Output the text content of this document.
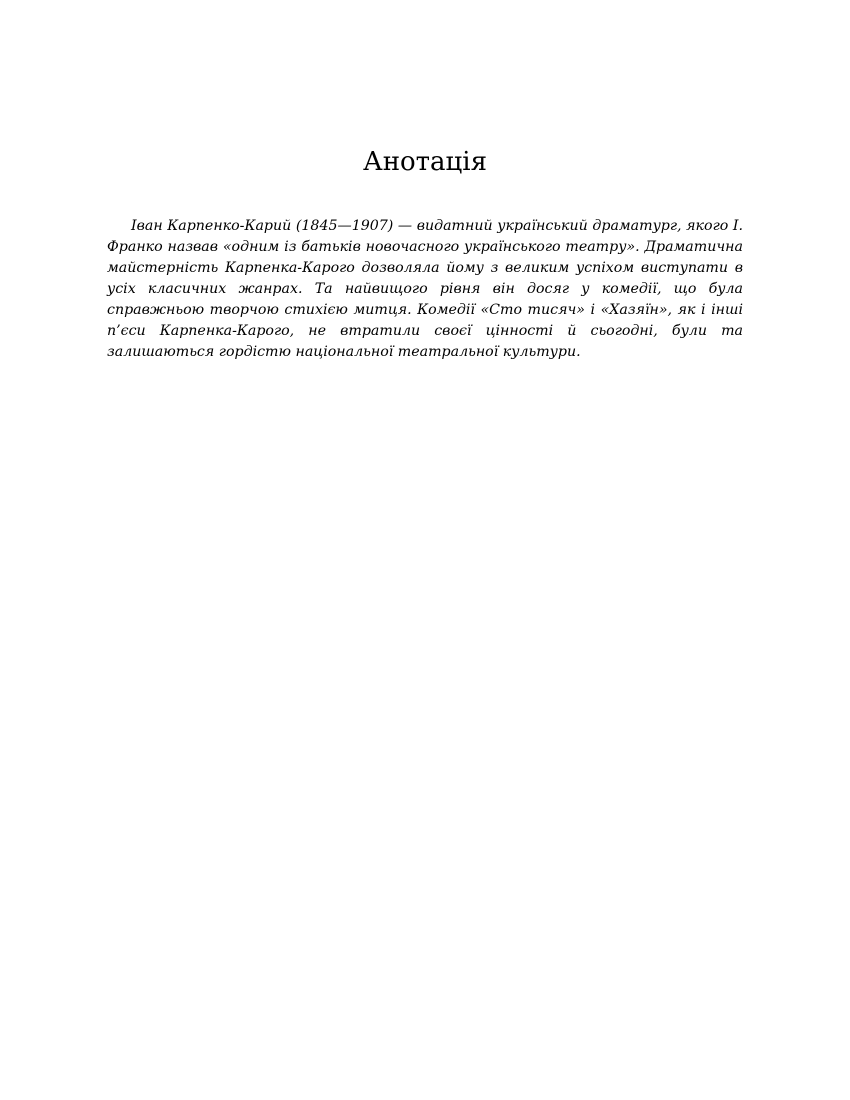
Анотація

Іван Карпенко-Карий (1845—1907) — видатний український драматург, якого І. Франко назвав «одним із батьків новочасного українського театру». Драматична майстерність Карпенка-Карого дозволяла йому з великим успіхом виступати в усіх класичних жанрах. Та найвищого рівня він досяг у комедії, що була справжньою творчою стихією митця. Комедії «Сто тисяч» і «Хазяїн», як і інші п’єси Карпенка-Карого, не втратили своєї цінності й сьогодні, були та залишаються гордістю національної театральної культури.
